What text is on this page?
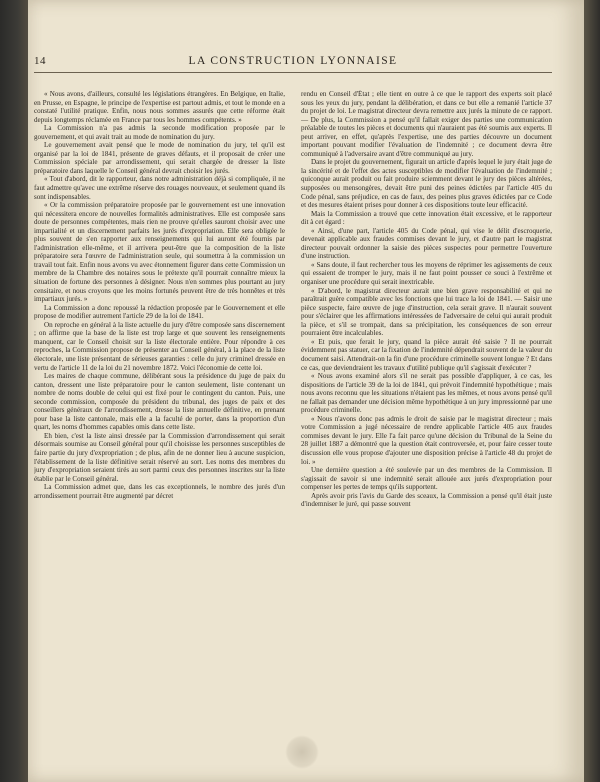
14	LA CONSTRUCTION LYONNAISE

« Nous avons, d'ailleurs, consulté les législations étrangères. En Belgique, en Italie, en Prusse, en Espagne, le principe de l'expertise est partout admis, et tout le monde en a constaté l'utilité pratique. Enfin, nous nous sommes assurés que cette réforme était depuis longtemps réclamée en France par tous les hommes compétents. »

La Commission n'a pas admis la seconde modification proposée par le gouvernement, et qui avait trait au mode de nomination du jury.

Le gouvernement avait pensé que le mode de nomination du jury, tel qu'il est organisé par la loi de 1841, présente de graves défauts, et il proposait de créer une Commission spéciale par arrondissement, qui serait chargée de dresser la liste préparatoire dans laquelle le Conseil général devrait choisir les jurés.

« Tout d'abord, dit le rapporteur, dans notre administration déjà si compliquée, il ne faut admettre qu'avec une extrême réserve des rouages nouveaux, et seulement quand ils sont indispensables.

« Or la commission préparatoire proposée par le gouvernement est une innovation qui nécessitera encore de nouvelles formalités administratives. Elle est composée sans doute de personnes compétentes, mais rien ne prouve qu'elles sauront choisir avec une impartialité et un discernement parfaits les jurés d'expropriation. Elle sera obligée le plus souvent de s'en rapporter aux renseignements qui lui auront été fournis par l'administration elle-même, et il arrivera peut-être que la composition de la liste préparatoire sera l'œuvre de l'administration seule, qui soumettra à la commission un travail tout fait. Enfin nous avons vu avec étonnement figurer dans cette Commission un membre de la Chambre des notaires sous le prétexte qu'il pourrait connaître mieux la situation de fortune des personnes à désigner. Nous n'en sommes plus pourtant au jury censitaire, et nous croyons que les moins fortunés peuvent être de très honnêtes et très impartiaux jurés. »

La Commission a donc repoussé la rédaction proposée par le Gouvernement et elle propose de modifier autrement l'article 29 de la loi de 1841.

On reproche en général à la liste actuelle du jury d'être composée sans discernement ; on affirme que la base de la liste est trop large et que souvent les renseignements manquent, car le Conseil choisit sur la liste électorale entière. Pour répondre à ces reproches, la Commission propose de présenter au Conseil général, à la place de la liste électorale, une liste présentant de sérieuses garanties : celle du jury criminel dressée en vertu de l'article 11 de la loi du 21 novembre 1872. Voici l'économie de cette loi.

Les maires de chaque commune, délibérant sous la présidence du juge de paix du canton, dressent une liste préparatoire pour le canton seulement, liste contenant un nombre de noms double de celui qui est fixé pour le contingent du canton. Puis, une seconde commission, composée du président du tribunal, des juges de paix et des conseillers généraux de l'arrondissement, dresse la liste annuelle définitive, en prenant pour base la liste cantonale, mais elle a la faculté de porter, dans la proportion d'un quart, les noms d'hommes capables omis dans cette liste.

Eh bien, c'est la liste ainsi dressée par la Commission d'arrondissement qui serait désormais soumise au Conseil général pour qu'il choisisse les personnes susceptibles de faire partie du jury d'expropriation ; de plus, afin de ne donner lieu à aucune suspicion, l'établissement de la liste définitive serait réservé au sort. Les noms des membres du jury d'expropriation seraient tirés au sort parmi ceux des personnes inscrites sur la liste établie par le Conseil général.

La Commission admet que, dans les cas exceptionnels, le nombre des jurés d'un arrondissement pourrait être augmenté par décret

rendu en Conseil d'État ; elle tient en outre à ce que le rapport des experts soit placé sous les yeux du jury, pendant la délibération, et dans ce but elle a remanié l'article 37 du projet de loi. Le magistrat directeur devra remettre aux jurés la minute de ce rapport. — De plus, la Commission a pensé qu'il fallait exiger des parties une communication préalable de toutes les pièces et documents qui n'auraient pas été soumis aux experts. Il peut arriver, en effet, qu'après l'expertise, une des parties découvre un document important pouvant modifier l'évaluation de l'indemnité ; ce document devra être communiqué à l'adversaire avant d'être communiqué au jury.

Dans le projet du gouvernement, figurait un article d'après lequel le jury était juge de la sincérité et de l'effet des actes susceptibles de modifier l'évaluation de l'indemnité ; quiconque aurait produit ou fait produire sciemment devant le jury des pièces altérées, supposées ou mensongères, devait être puni des peines édictées par l'article 405 du Code pénal, sans préjudice, en cas de faux, des peines plus graves édictées par ce Code et des mesures étaient prises pour donner à ces dispositions toute leur efficacité.

Mais la Commission a trouvé que cette innovation était excessive, et le rapporteur dit à cet égard :

« Ainsi, d'une part, l'article 405 du Code pénal, qui vise le délit d'escroquerie, devenait applicable aux fraudes commises devant le jury, et d'autre part le magistrat directeur pouvait ordonner la saisie des pièces suspectes pour permettre l'ouverture d'une instruction.

« Sans doute, il faut rechercher tous les moyens de réprimer les agissements de ceux qui essaient de tromper le jury, mais il ne faut point pousser ce souci à l'extrême et organiser une procédure qui serait inextricable.

« D'abord, le magistrat directeur aurait une bien grave responsabilité et qui ne paraîtrait guère compatible avec les fonctions que lui trace la loi de 1841. — Saisir une pièce suspecte, faire œuvre de juge d'instruction, cela serait grave. Il n'aurait souvent pour s'éclairer que les affirmations intéressées de l'adversaire de celui qui aurait produit la pièce, et s'il se trompait, dans sa précipitation, les conséquences de son erreur pourraient être incalculables.

« Et puis, que ferait le jury, quand la pièce aurait été saisie ? Il ne pourrait évidemment pas statuer, car la fixation de l'indemnité dépendrait souvent de la valeur du document saisi. Attendrait-on la fin d'une procédure criminelle souvent longue ? Et dans ce cas, que deviendraient les travaux d'utilité publique qu'il s'agissait d'exécuter ?

« Nous avons examiné alors s'il ne serait pas possible d'appliquer, à ce cas, les dispositions de l'article 39 de la loi de 1841, qui prévoit l'indemnité hypothétique ; mais nous avons reconnu que les situations n'étaient pas les mêmes, et nous avons pensé qu'il ne fallait pas demander une décision même hypothétique à un jury impressionné par une procédure criminelle.

« Nous n'avons donc pas admis le droit de saisie par le magistrat directeur ; mais votre Commission a jugé nécessaire de rendre applicable l'article 405 aux fraudes commises devant le jury. Elle l'a fait parce qu'une décision du Tribunal de la Seine du 28 juillet 1887 a démontré que la question était controversée, et, pour faire cesser toute discussion elle vous propose d'ajouter une disposition précise à l'article 48 du projet de loi. »

Une dernière question a été soulevée par un des membres de la Commission. Il s'agissait de savoir si une indemnité serait allouée aux jurés d'expropriation pour compenser les pertes de temps qu'ils supportent.

Après avoir pris l'avis du Garde des sceaux, la Commission a pensé qu'il était juste d'indemniser le juré, qui passe souvent
